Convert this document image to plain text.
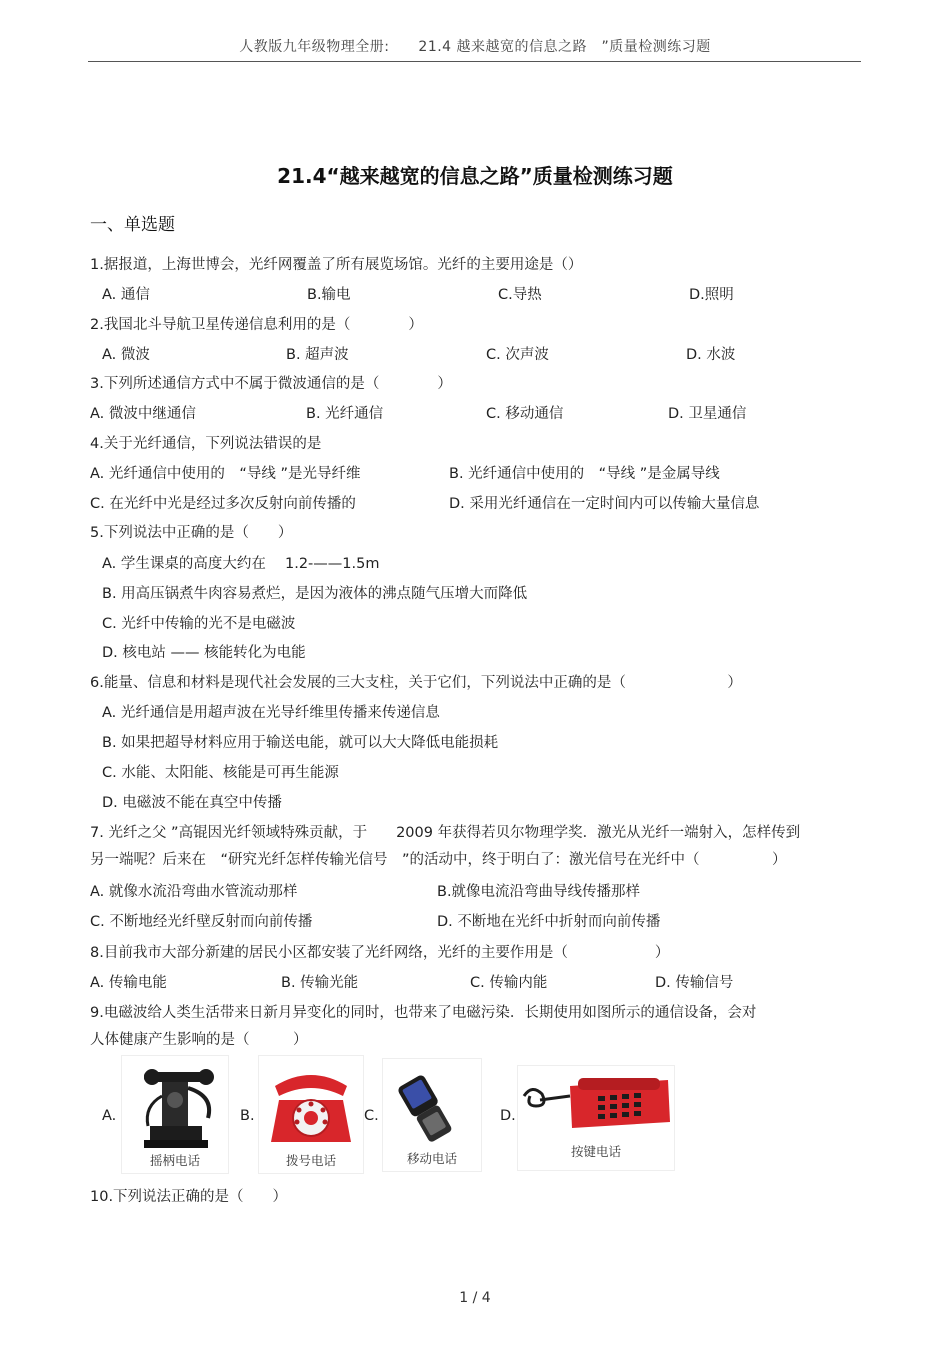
人教版九年级物理全册:　　21.4 越来越宽的信息之路　”质量检测练习题
21.4“越来越宽的信息之路”质量检测练习题
一、单选题
1.据报道，上海世博会，光纤网覆盖了所有展览场馆。光纤的主要用途是（）
A. 通信	B.输电	C.导热	D.照明
2.我国北斗导航卫星传递信息利用的是（　　　　）
A. 微波	B. 超声波	C. 次声波	D. 水波
3.下列所述通信方式中不属于微波通信的是（　　　　）
A. 微波中继通信	B. 光纤通信	C. 移动通信	D. 卫星通信
4.关于光纤通信，下列说法错误的是
A. 光纤通信中使用的　“导线 ”是光导纤维	B. 光纤通信中使用的　“导线 ”是金属导线
C. 在光纤中光是经过多次反射向前传播的	D. 采用光纤通信在一定时间内可以传输大量信息
5.下列说法中正确的是（　　）
A. 学生课桌的高度大约在　 1.2-——1.5m
B. 用高压锅煮牛肉容易煮烂，是因为液体的沸点随气压增大而降低
C. 光纤中传输的光不是电磁波
D. 核电站 —— 核能转化为电能
6.能量、信息和材料是现代社会发展的三大支柱，关于它们，下列说法中正确的是（　　　　　　　）
A. 光纤通信是用超声波在光导纤维里传播来传递信息
B. 如果把超导材料应用于输送电能，就可以大大降低电能损耗
C. 水能、太阳能、核能是可再生能源
D. 电磁波不能在真空中传播
7. 光纤之父 ”高锟因光纤领域特殊贡献，于　　2009 年获得若贝尔物理学奖．激光从光纤一端射入，怎样传到
另一端呢？后来在　“研究光纤怎样传输光信号　”的活动中，终于明白了：激光信号在光纤中（　　　　　）
A. 就像水流沿弯曲水管流动那样	B.就像电流沿弯曲导线传播那样
C. 不断地经光纤壁反射而向前传播	D. 不断地在光纤中折射而向前传播
8.目前我市大部分新建的居民小区都安装了光纤网络，光纤的主要作用是（　　　　　　）
A. 传输电能	B. 传输光能	C. 传输内能	D. 传输信号
9.电磁波给人类生活带来日新月异变化的同时，也带来了电磁污染．长期使用如图所示的通信设备，会对
人体健康产生影响的是（　　　）
A.
摇柄电话
B.
拨号电话
C.
移动电话
D.
按键电话
10.下列说法正确的是（　　）
1 / 4
